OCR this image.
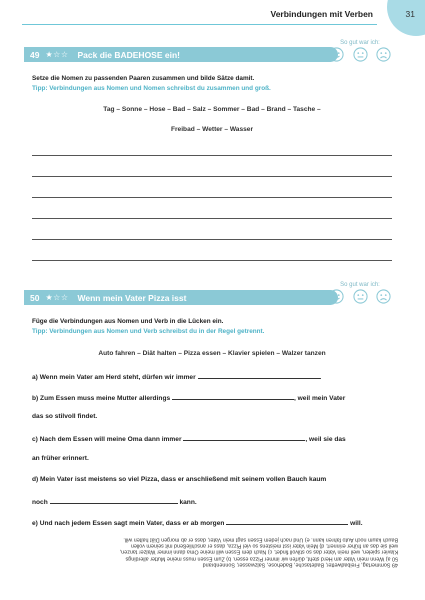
31
Verbindungen mit Verben
So gut war ich:
49 ★☆☆ Pack die BADEHOSE ein!
Setze die Nomen zu passenden Paaren zusammen und bilde Sätze damit.
Tipp: Verbindungen aus Nomen und Nomen schreibst du zusammen und groß.
Tag – Sonne – Hose – Bad – Salz – Sommer – Bad – Brand – Tasche –
Freibad – Wetter – Wasser
So gut war ich:
50 ★☆☆ Wenn mein Vater Pizza isst
Füge die Verbindungen aus Nomen und Verb in die Lücken ein.
Tipp: Verbindungen aus Nomen und Verb schreibst du in der Regel getrennt.
Auto fahren – Diät halten – Pizza essen – Klavier spielen – Walzer tanzen
a) Wenn mein Vater am Herd steht, dürfen wir immer	.
b) Zum Essen muss meine Mutter allerdings	, weil mein Vater
das so stilvoll findet.
c) Nach dem Essen will meine Oma dann immer	, weil sie das
an früher erinnert.
d) Mein Vater isst meistens so viel Pizza, dass er anschließend mit seinem vollen Bauch kaum
noch	kann.
e) Und nach jedem Essen sagt mein Vater, dass er ab morgen	will.
49 Sommertag, Freibadwetter, Badetasche, Badehose, Salzwasser, Sonnenbrand
50 a) Wenn mein Vater am Herd steht, dürfen wir immer Pizza essen. b) Zum Essen muss meine Mutter allerdings
Klavier spielen, weil mein Vater das so stilvoll findet. c) Nach dem Essen will meine Oma dann immer Walzer tanzen,
weil sie das an früher erinnert. d) Mein Vater isst meistens so viel Pizza, dass er anschließend mit seinem vollen
Bauch kaum noch Auto fahren kann. e) Und nach jedem Essen sagt mein Vater, dass er ab morgen Diät halten will.
